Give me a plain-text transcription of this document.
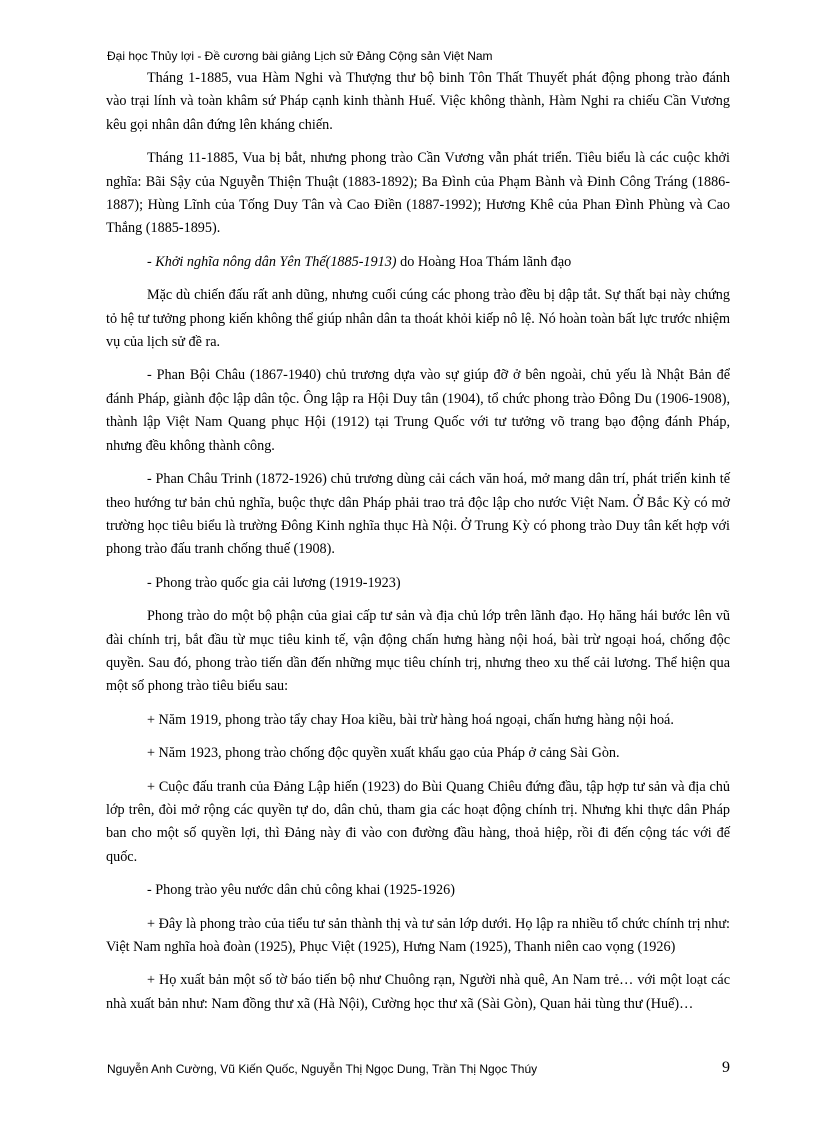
Đại học Thủy lợi - Đề cương bài giảng Lịch sử Đảng Cộng sản Việt Nam

Tháng 1-1885, vua Hàm Nghi và Thượng thư bộ binh Tôn Thất Thuyết phát động phong trào đánh vào trại lính và toàn khâm sứ Pháp cạnh kinh thành Huế. Việc không thành, Hàm Nghi ra chiếu Cần Vương kêu gọi nhân dân đứng lên kháng chiến.

Tháng 11-1885, Vua bị bắt, nhưng phong trào Cần Vương vẫn phát triển. Tiêu biểu là các cuộc khởi nghĩa: Bãi Sậy của Nguyễn Thiện Thuật (1883-1892); Ba Đình của Phạm Bành và Đinh Công Tráng (1886-1887); Hùng Lĩnh của Tống Duy Tân và Cao Điền (1887-1992); Hương Khê của Phan Đình Phùng và Cao Thắng (1885-1895).

- Khởi nghĩa nông dân Yên Thế(1885-1913) do Hoàng Hoa Thám lãnh đạo

Mặc dù chiến đấu rất anh dũng, nhưng cuối cúng các phong trào đều bị dập tắt. Sự thất bại này chứng tỏ hệ tư tưởng phong kiến không thể giúp nhân dân ta thoát khỏi kiếp nô lệ. Nó hoàn toàn bất lực trước nhiệm vụ của lịch sử đề ra.

- Phan Bội Châu (1867-1940) chủ trương dựa vào sự giúp đỡ ở bên ngoài, chủ yếu là Nhật Bản để đánh Pháp, giành độc lập dân tộc. Ông lập ra Hội Duy tân (1904), tổ chức phong trào Đông Du (1906-1908), thành lập Việt Nam Quang phục Hội (1912) tại Trung Quốc với tư tưởng võ trang bạo động đánh Pháp, nhưng đều không thành công.

- Phan Châu Trinh (1872-1926) chủ trương dùng cải cách văn hoá, mở mang dân trí, phát triển kinh tế theo hướng tư bản chủ nghĩa, buộc thực dân Pháp phải trao trả độc lập cho nước Việt Nam. Ở Bắc Kỳ có mở trường học tiêu biểu là trường Đông Kinh nghĩa thục Hà Nội. Ở Trung Kỳ có phong trào Duy tân kết hợp với phong trào đấu tranh chống thuế (1908).

- Phong trào quốc gia cải lương (1919-1923)

Phong trào do một bộ phận của giai cấp tư sản và địa chủ lớp trên lãnh đạo. Họ hăng hái bước lên vũ đài chính trị, bắt đầu từ mục tiêu kinh tế, vận động chấn hưng hàng nội hoá, bài trừ ngoại hoá, chống độc quyền. Sau đó, phong trào tiến dần đến những mục tiêu chính trị, nhưng theo xu thế cải lương. Thể hiện qua một số phong trào tiêu biểu sau:

+ Năm 1919, phong trào tẩy chay Hoa kiều, bài trừ hàng hoá ngoại, chấn hưng hàng nội hoá.

+ Năm 1923, phong trào chống độc quyền xuất khẩu gạo của Pháp ở cảng Sài Gòn.

+ Cuộc đấu tranh của Đảng Lập hiến (1923) do Bùi Quang Chiêu đứng đầu, tập hợp tư sản và địa chủ lớp trên, đòi mở rộng các quyền tự do, dân chủ, tham gia các hoạt động chính trị. Nhưng khi thực dân Pháp ban cho một số quyền lợi, thì Đảng này đi vào con đường đầu hàng, thoả hiệp, rồi đi đến cộng tác với đế quốc.

- Phong trào yêu nước dân chủ công khai (1925-1926)

+ Đây là phong trào của tiểu tư sản thành thị và tư sản lớp dưới. Họ lập ra nhiều tổ chức chính trị như: Việt Nam nghĩa hoà đoàn (1925), Phục Việt (1925), Hưng Nam (1925), Thanh niên cao vọng (1926)

+ Họ xuất bản một số tờ báo tiến bộ như Chuông rạn, Người nhà quê, An Nam trẻ… với một loạt các nhà xuất bản như: Nam đồng thư xã (Hà Nội), Cường học thư xã (Sài Gòn), Quan hải tùng thư (Huế)…

Nguyễn Anh Cường, Vũ Kiến Quốc, Nguyễn Thị Ngọc Dung, Trần Thị Ngọc Thúy	9
